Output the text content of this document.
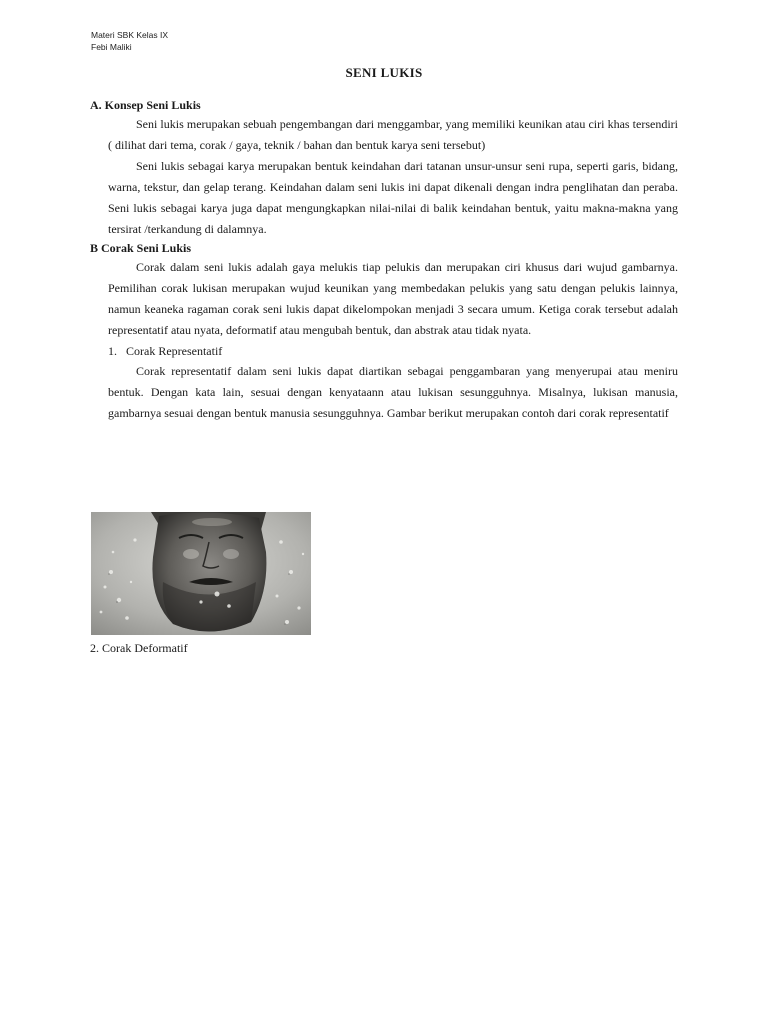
Materi SBK Kelas IX
Febi Maliki
SENI LUKIS

A. Konsep Seni Lukis

Seni lukis merupakan sebuah pengembangan dari menggambar, yang memiliki keunikan atau ciri khas tersendiri ( dilihat dari tema, corak / gaya, teknik / bahan dan bentuk karya seni tersebut)

Seni lukis sebagai karya merupakan bentuk keindahan dari tatanan unsur-unsur seni rupa, seperti garis, bidang, warna, tekstur, dan gelap terang. Keindahan dalam seni lukis ini dapat dikenali dengan indra penglihatan dan peraba. Seni lukis sebagai karya juga dapat mengungkapkan nilai-nilai di balik keindahan bentuk, yaitu makna-makna yang tersirat /terkandung di dalamnya.

B Corak Seni Lukis

Corak dalam seni lukis adalah gaya melukis tiap pelukis dan merupakan ciri khusus dari wujud gambarnya. Pemilihan corak lukisan merupakan wujud keunikan yang membedakan pelukis yang satu dengan pelukis lainnya, namun keaneka ragaman corak seni lukis dapat dikelompokan menjadi 3 secara umum. Ketiga corak tersebut adalah representatif atau nyata, deformatif atau mengubah bentuk, dan abstrak atau tidak nyata.

1. Corak Representatif

Corak representatif dalam seni lukis dapat diartikan sebagai penggambaran yang menyerupai atau meniru bentuk. Dengan kata lain, sesuai dengan kenyataann atau lukisan sesungguhnya. Misalnya, lukisan manusia, gambarnya sesuai dengan bentuk manusia sesungguhnya. Gambar berikut merupakan contoh dari corak representatif

2. Corak Deformatif
